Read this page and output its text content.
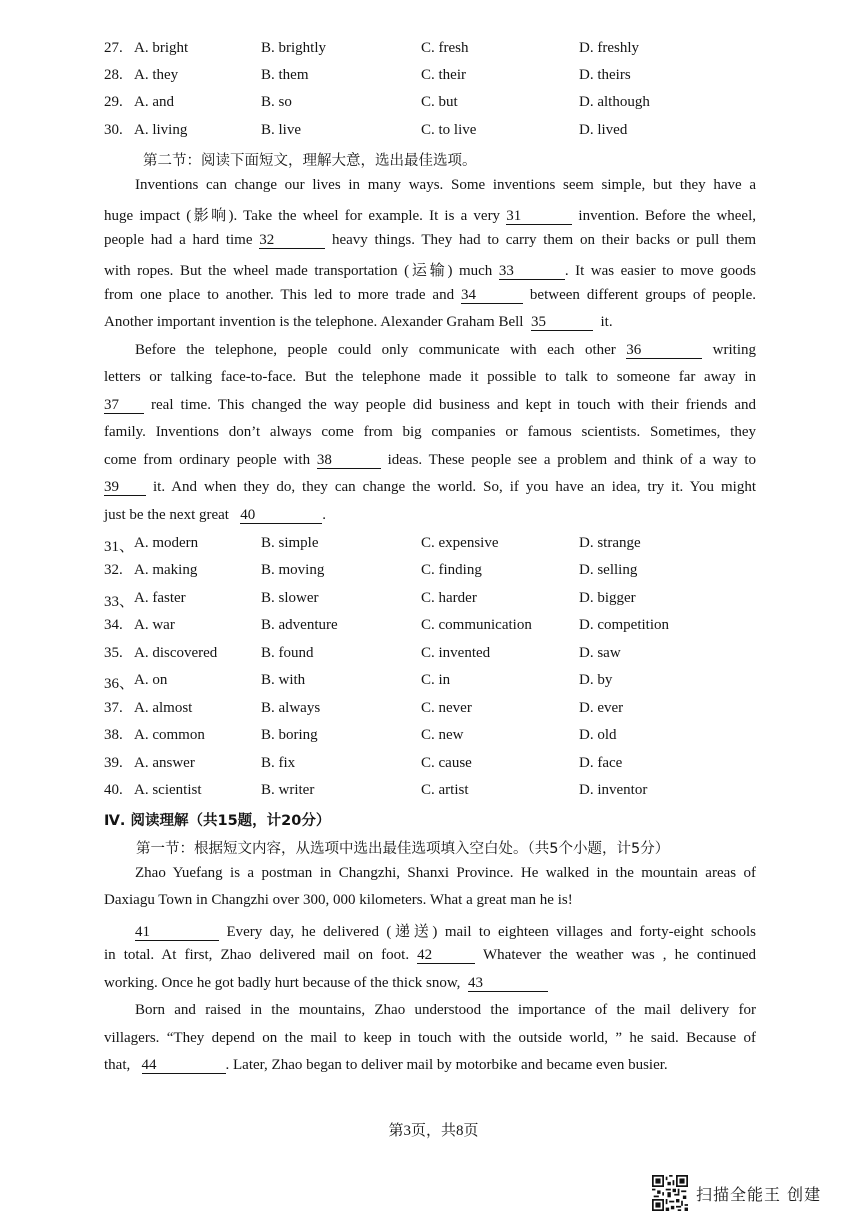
27. A. bright	B. brightly	C. fresh	D. freshly
28. A. they	B. them	C. their	D. theirs
29. A. and	B. so	C. but	D. although
30. A. living	B. live	C. to live	D. lived
第二节：阅读下面短文，理解大意，选出最佳选项。
Inventions can change our lives in many ways. Some inventions seem simple, but they have a
huge impact (影响). Take the wheel for example. It is a very 31	invention. Before the wheel,
people had a hard time 32	heavy things. They had to carry them on their backs or pull them
with ropes. But the wheel made transportation (运输) much 33	. It was easier to move goods
from one place to another. This led to more trade and 34	between different groups of people.
Another important invention is the telephone. Alexander Graham Bell 35	it.
Before the telephone, people could only communicate with each other 36	writing
letters or talking face-to-face. But the telephone made it possible to talk to someone far away in
37 real time. This changed the way people did business and kept in touch with their friends and
family. Inventions don’t always come from big companies or famous scientists. Sometimes, they
come from ordinary people with 38	ideas. These people see a problem and think of a way to
39 it. And when they do, they can change the world. So, if you have an idea, try it. You might
just be the next great 40	.
31、 A. modern	B. simple	C. expensive	D. strange
32. A. making	B. moving	C. finding	D. selling
33、 A. faster	B. slower	C. harder	D. bigger
34. A. war	B. adventure	C. communication	D. competition
35. A. discovered	B. found	C. invented	D. saw
36、 A. on	B. with	C. in	D. by
37. A. almost	B. always	C. never	D. ever
38. A. common	B. boring	C. new	D. old
39. A. answer	B. fix	C. cause	D. face
40. A. scientist	B. writer	C. artist	D. inventor
Ⅳ. 阅读理解（共15题，计20分）
第一节：根据短文内容，从选项中选出最佳选项填入空白处。（共5个小题，计5分）
Zhao Yuefang is a postman in Changzhi, Shanxi Province. He walked in the mountain areas of
Daxiagu Town in Changzhi over 300, 000 kilometers. What a great man he is!
41	Every day, he delivered (递送) mail to eighteen villages and forty-eight schools
in total. At first, Zhao delivered mail on foot. 42	Whatever the weather was , he continued
working. Once he got badly hurt because of the thick snow, 43
Born and raised in the mountains, Zhao understood the importance of the mail delivery for
villagers. “They depend on the mail to keep in touch with the outside world, ” he said. Because of
that, 44	. Later, Zhao began to deliver mail by motorbike and became even busier.
第3页，共8页
扫描全能王 创建
